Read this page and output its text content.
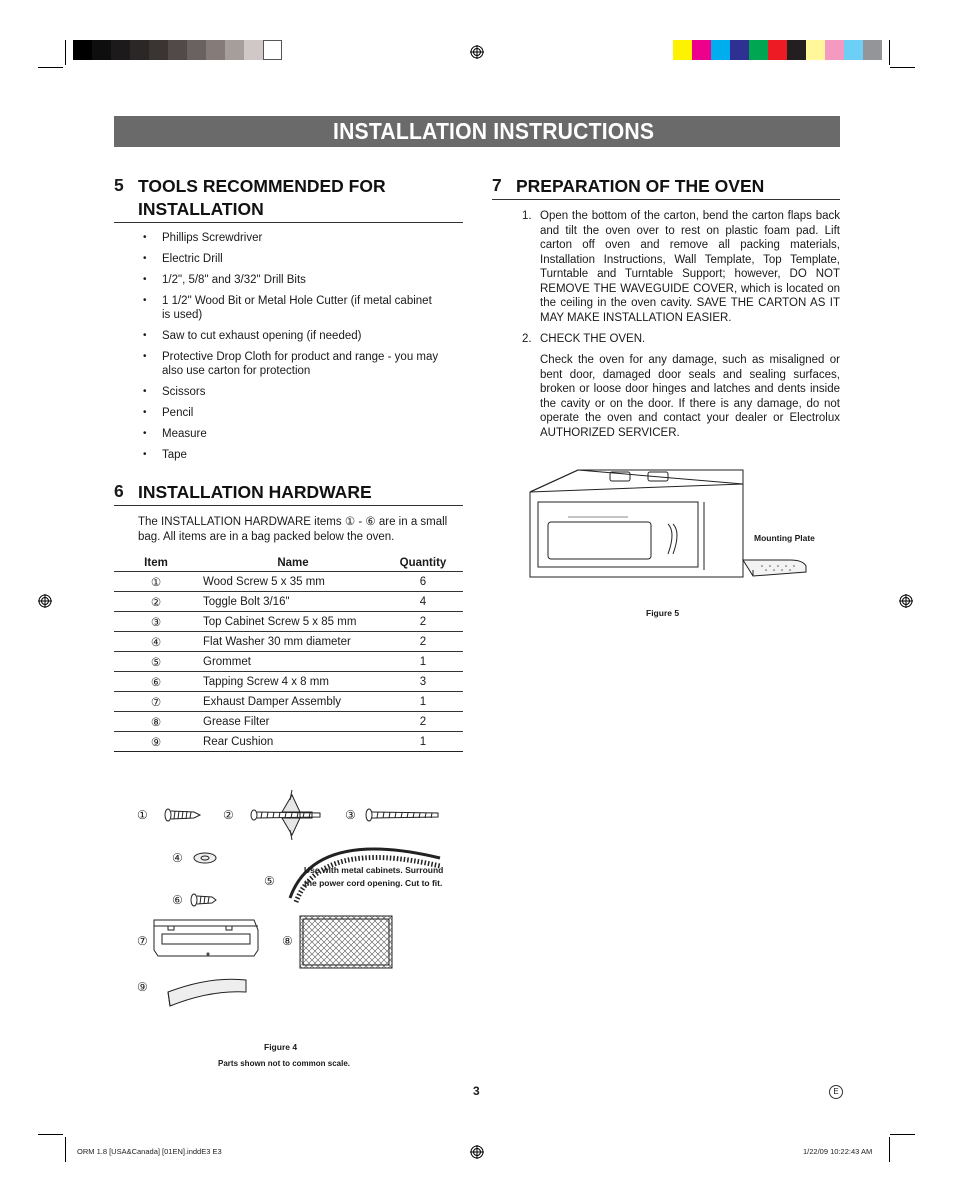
INSTALLATION INSTRUCTIONS
5 TOOLS RECOMMENDED FOR
INSTALLATION
• Phillips Screwdriver
• Electric Drill
• 1/2", 5/8" and 3/32" Drill Bits
• 1 1/2" Wood Bit or Metal Hole Cutter (if metal cabinet is used)
• Saw to cut exhaust opening (if needed)
• Protective Drop Cloth for product and range - you may also use carton for protection
• Scissors
• Pencil
• Measure
• Tape
6 INSTALLATION HARDWARE
The INSTALLATION HARDWARE items ① - ⑥ are in a small bag. All items are in a bag packed below the oven.
Item	Name	Quantity
①	Wood Screw 5 x 35 mm	6
②	Toggle Bolt 3/16"	4
③	Top Cabinet Screw 5 x 85 mm	2
④	Flat Washer 30 mm diameter	2
⑤	Grommet	1
⑥	Tapping Screw 4 x 8 mm	3
⑦	Exhaust Damper Assembly	1
⑧	Grease Filter	2
⑨	Rear Cushion	1
7 PREPARATION OF THE OVEN
1. Open the bottom of the carton, bend the carton flaps back and tilt the oven over to rest on plastic foam pad. Lift carton off oven and remove all packing materials, Installation Instructions, Wall Template, Top Template, Turntable and Turntable Support; however, DO NOT REMOVE THE WAVEGUIDE COVER, which is located on the ceiling in the oven cavity. SAVE THE CARTON AS IT MAY MAKE INSTALLATION EASIER.
2. CHECK THE OVEN.
Check the oven for any damage, such as misaligned or bent door, damaged door seals and sealing surfaces, broken or loose door hinges and latches and dents inside the cavity or on the door. If there is any damage, do not operate the oven and contact your dealer or Electrolux AUTHORIZED SERVICER.
Mounting Plate
Figure 5
①	②	③
④
⑤
⑥
⑦	⑧
⑨
Use with metal cabinets. Surround
the power cord opening. Cut to fit.
Figure 4
Parts shown not to common scale.
3	E
ORM 1.8 [USA&Canada] [01EN].inddE3 E3	1/22/09 10:22:43 AM
